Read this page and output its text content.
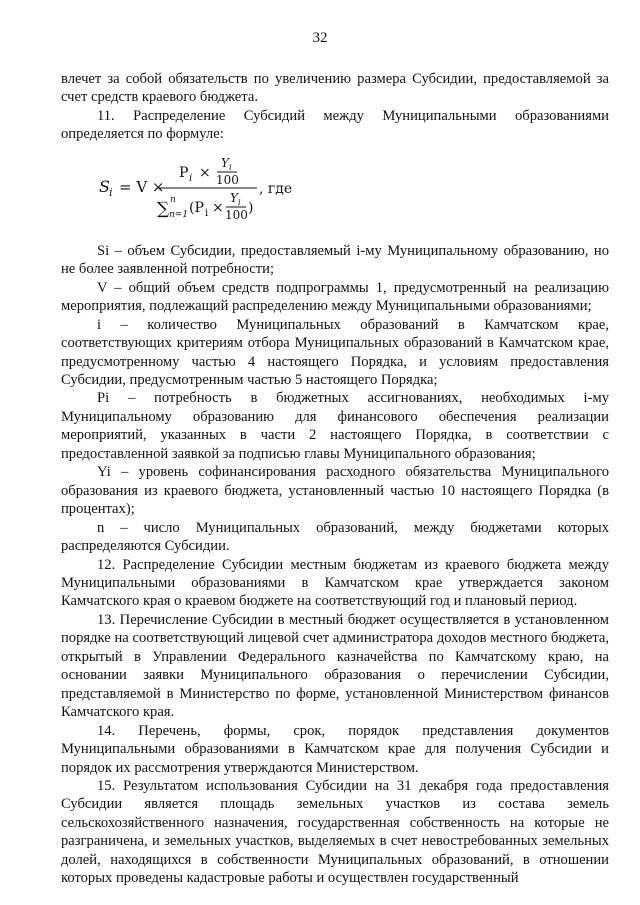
32

влечет за собой обязательств по увеличению размера Субсидии, предоставляемой за счет средств краевого бюджета.

11. Распределение Субсидий между Муниципальными образованиями определяется по формуле:

S i = V ×
P i ×
Y i
100
∑ n
n=1 (P i ×
Y i
100 )
, где

Si – объем Субсидии, предоставляемый i-му Муниципальному образованию, но не более заявленной потребности;

V – общий объем средств подпрограммы 1, предусмотренный на реализацию мероприятия, подлежащий распределению между Муниципальными образованиями;

i – количество Муниципальных образований в Камчатском крае, соответствующих критериям отбора Муниципальных образований в Камчатском крае, предусмотренному частью 4 настоящего Порядка, и условиям предоставления Субсидии, предусмотренным частью 5 настоящего Порядка;

Pi – потребность в бюджетных ассигнованиях, необходимых i-му Муниципальному образованию для финансового обеспечения реализации мероприятий, указанных в части 2 настоящего Порядка, в соответствии с предоставленной заявкой за подписью главы Муниципального образования;

Yi – уровень софинансирования расходного обязательства Муниципального образования из краевого бюджета, установленный частью 10 настоящего Порядка (в процентах);

n – число Муниципальных образований, между бюджетами которых распределяются Субсидии.

12. Распределение Субсидии местным бюджетам из краевого бюджета между Муниципальными образованиями в Камчатском крае утверждается законом Камчатского края о краевом бюджете на соответствующий год и плановый период.

13. Перечисление Субсидии в местный бюджет осуществляется в установленном порядке на соответствующий лицевой счет администратора доходов местного бюджета, открытый в Управлении Федерального казначейства по Камчатскому краю, на основании заявки Муниципального образования о перечислении Субсидии, представляемой в Министерство по форме, установленной Министерством финансов Камчатского края.

14. Перечень, формы, срок, порядок представления документов Муниципальными образованиями в Камчатском крае для получения Субсидии и порядок их рассмотрения утверждаются Министерством.

15. Результатом использования Субсидии на 31 декабря года предоставления Субсидии является площадь земельных участков из состава земель сельскохозяйственного назначения, государственная собственность на которые не разграничена, и земельных участков, выделяемых в счет невостребованных земельных долей, находящихся в собственности Муниципальных образований, в отношении которых проведены кадастровые работы и осуществлен государственный
